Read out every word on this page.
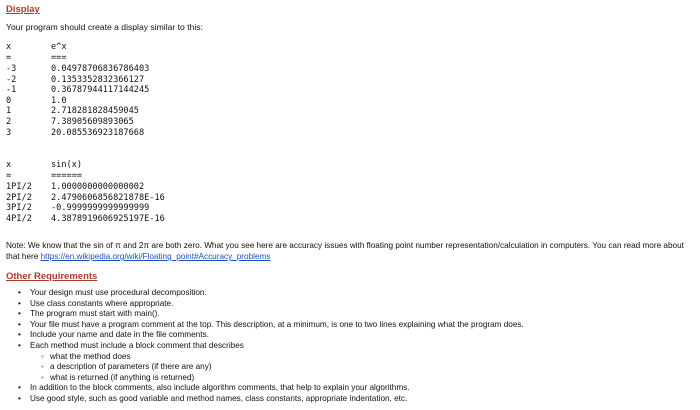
Display
Your program should create a display similar to this:
x	e^x
=	===
-3	0.04978706836786403
-2	0.1353352832366127
-1	0.36787944117144245
0	1.0
1	2.718281828459045
2	7.38905609893065
3	20.085536923187668
x	sin(x)
=	======
1PI/2 1.0000000000000002
2PI/2 2.4790606856821878E-16
3PI/2 -0.9999999999999999
4PI/2 4.3878919606925197E-16
Note: We know that the sin of π and 2π are both zero. What you see here are accuracy issues with floating point number representation/calculation in computers. You can read more about that here https://en.wikipedia.org/wiki/Floating_point#Accuracy_problems
Other Requirements
• Your design must use procedural decomposition.
• Use class constants where appropriate.
• The program must start with main().
• Your file must have a program comment at the top. This description, at a minimum, is one to two lines explaining what the program does.
• Include your name and date in the file comments.
• Each method must include a block comment that describes
◦ what the method does
◦ a description of parameters (if there are any)
◦ what is returned (if anything is returned)
• In addition to the block comments, also include algorithm comments, that help to explain your algorithms.
• Use good style, such as good variable and method names, class constants, appropriate indentation, etc.
